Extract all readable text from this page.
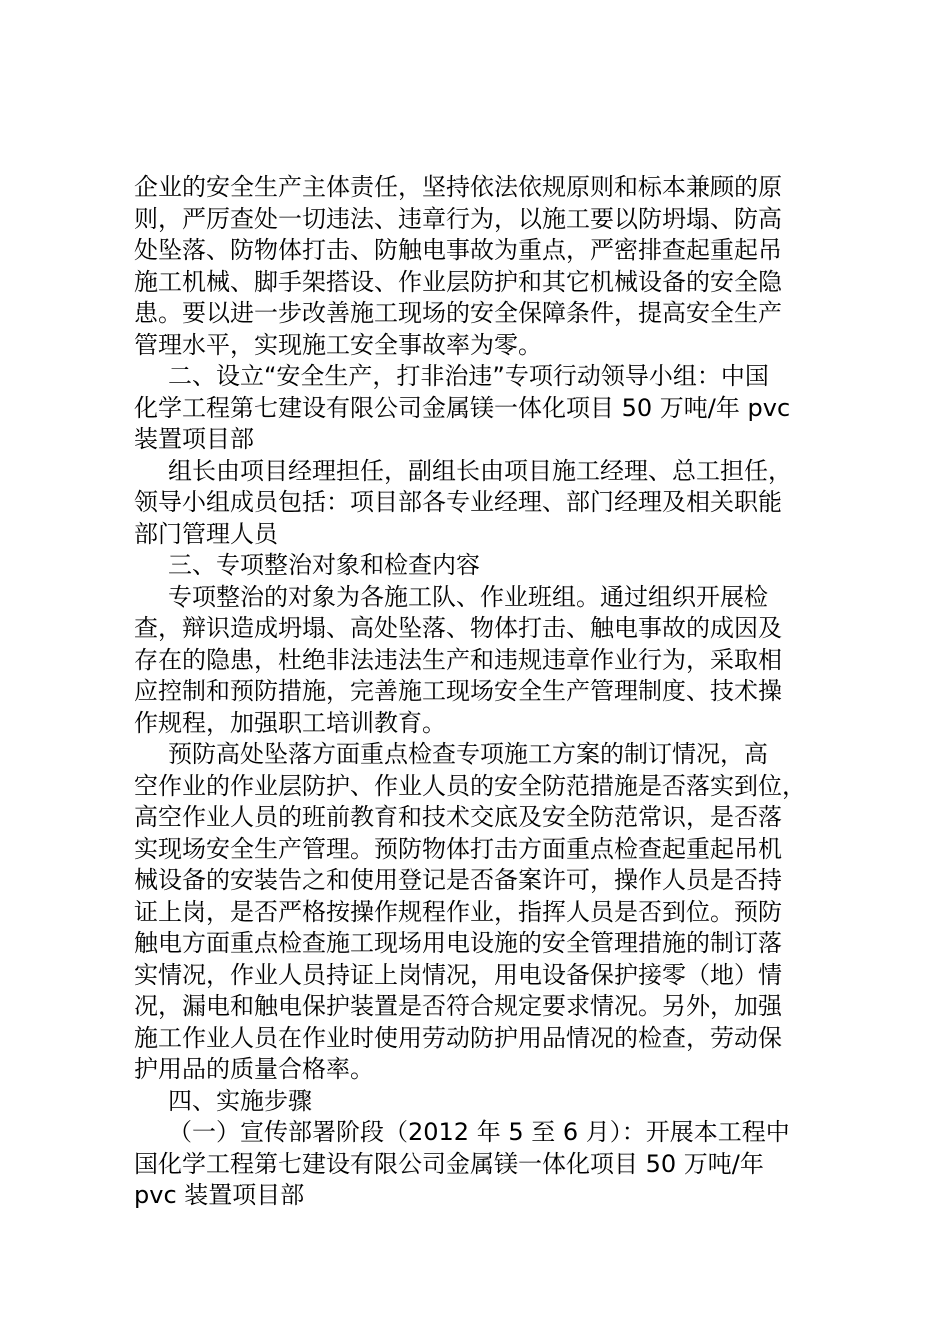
企业的安全生产主体责任，坚持依法依规原则和标本兼顾的原
则，严厉查处一切违法、违章行为，以施工要以防坍塌、防高
处坠落、防物体打击、防触电事故为重点，严密排查起重起吊
施工机械、脚手架搭设、作业层防护和其它机械设备的安全隐
患。要以进一步改善施工现场的安全保障条件，提高安全生产
管理水平，实现施工安全事故率为零。
二、设立“安全生产，打非治违”专项行动领导小组：中国
化学工程第七建设有限公司金属镁一体化项目 50 万吨/年 pvc
装置项目部
组长由项目经理担任，副组长由项目施工经理、总工担任，
领导小组成员包括：项目部各专业经理、部门经理及相关职能
部门管理人员
三、专项整治对象和检查内容
专项整治的对象为各施工队、作业班组。通过组织开展检
查，辩识造成坍塌、高处坠落、物体打击、触电事故的成因及
存在的隐患，杜绝非法违法生产和违规违章作业行为，采取相
应控制和预防措施，完善施工现场安全生产管理制度、技术操
作规程，加强职工培训教育。
预防高处坠落方面重点检查专项施工方案的制订情况，高
空作业的作业层防护、作业人员的安全防范措施是否落实到位，
高空作业人员的班前教育和技术交底及安全防范常识，是否落
实现场安全生产管理。预防物体打击方面重点检查起重起吊机
械设备的安装告之和使用登记是否备案许可，操作人员是否持
证上岗，是否严格按操作规程作业，指挥人员是否到位。预防
触电方面重点检查施工现场用电设施的安全管理措施的制订落
实情况，作业人员持证上岗情况，用电设备保护接零（地）情
况，漏电和触电保护装置是否符合规定要求情况。另外，加强
施工作业人员在作业时使用劳动防护用品情况的检查，劳动保
护用品的质量合格率。
四、实施步骤
（一）宣传部署阶段（2012 年 5 至 6 月）：开展本工程中
国化学工程第七建设有限公司金属镁一体化项目 50 万吨/年
pvc 装置项目部
